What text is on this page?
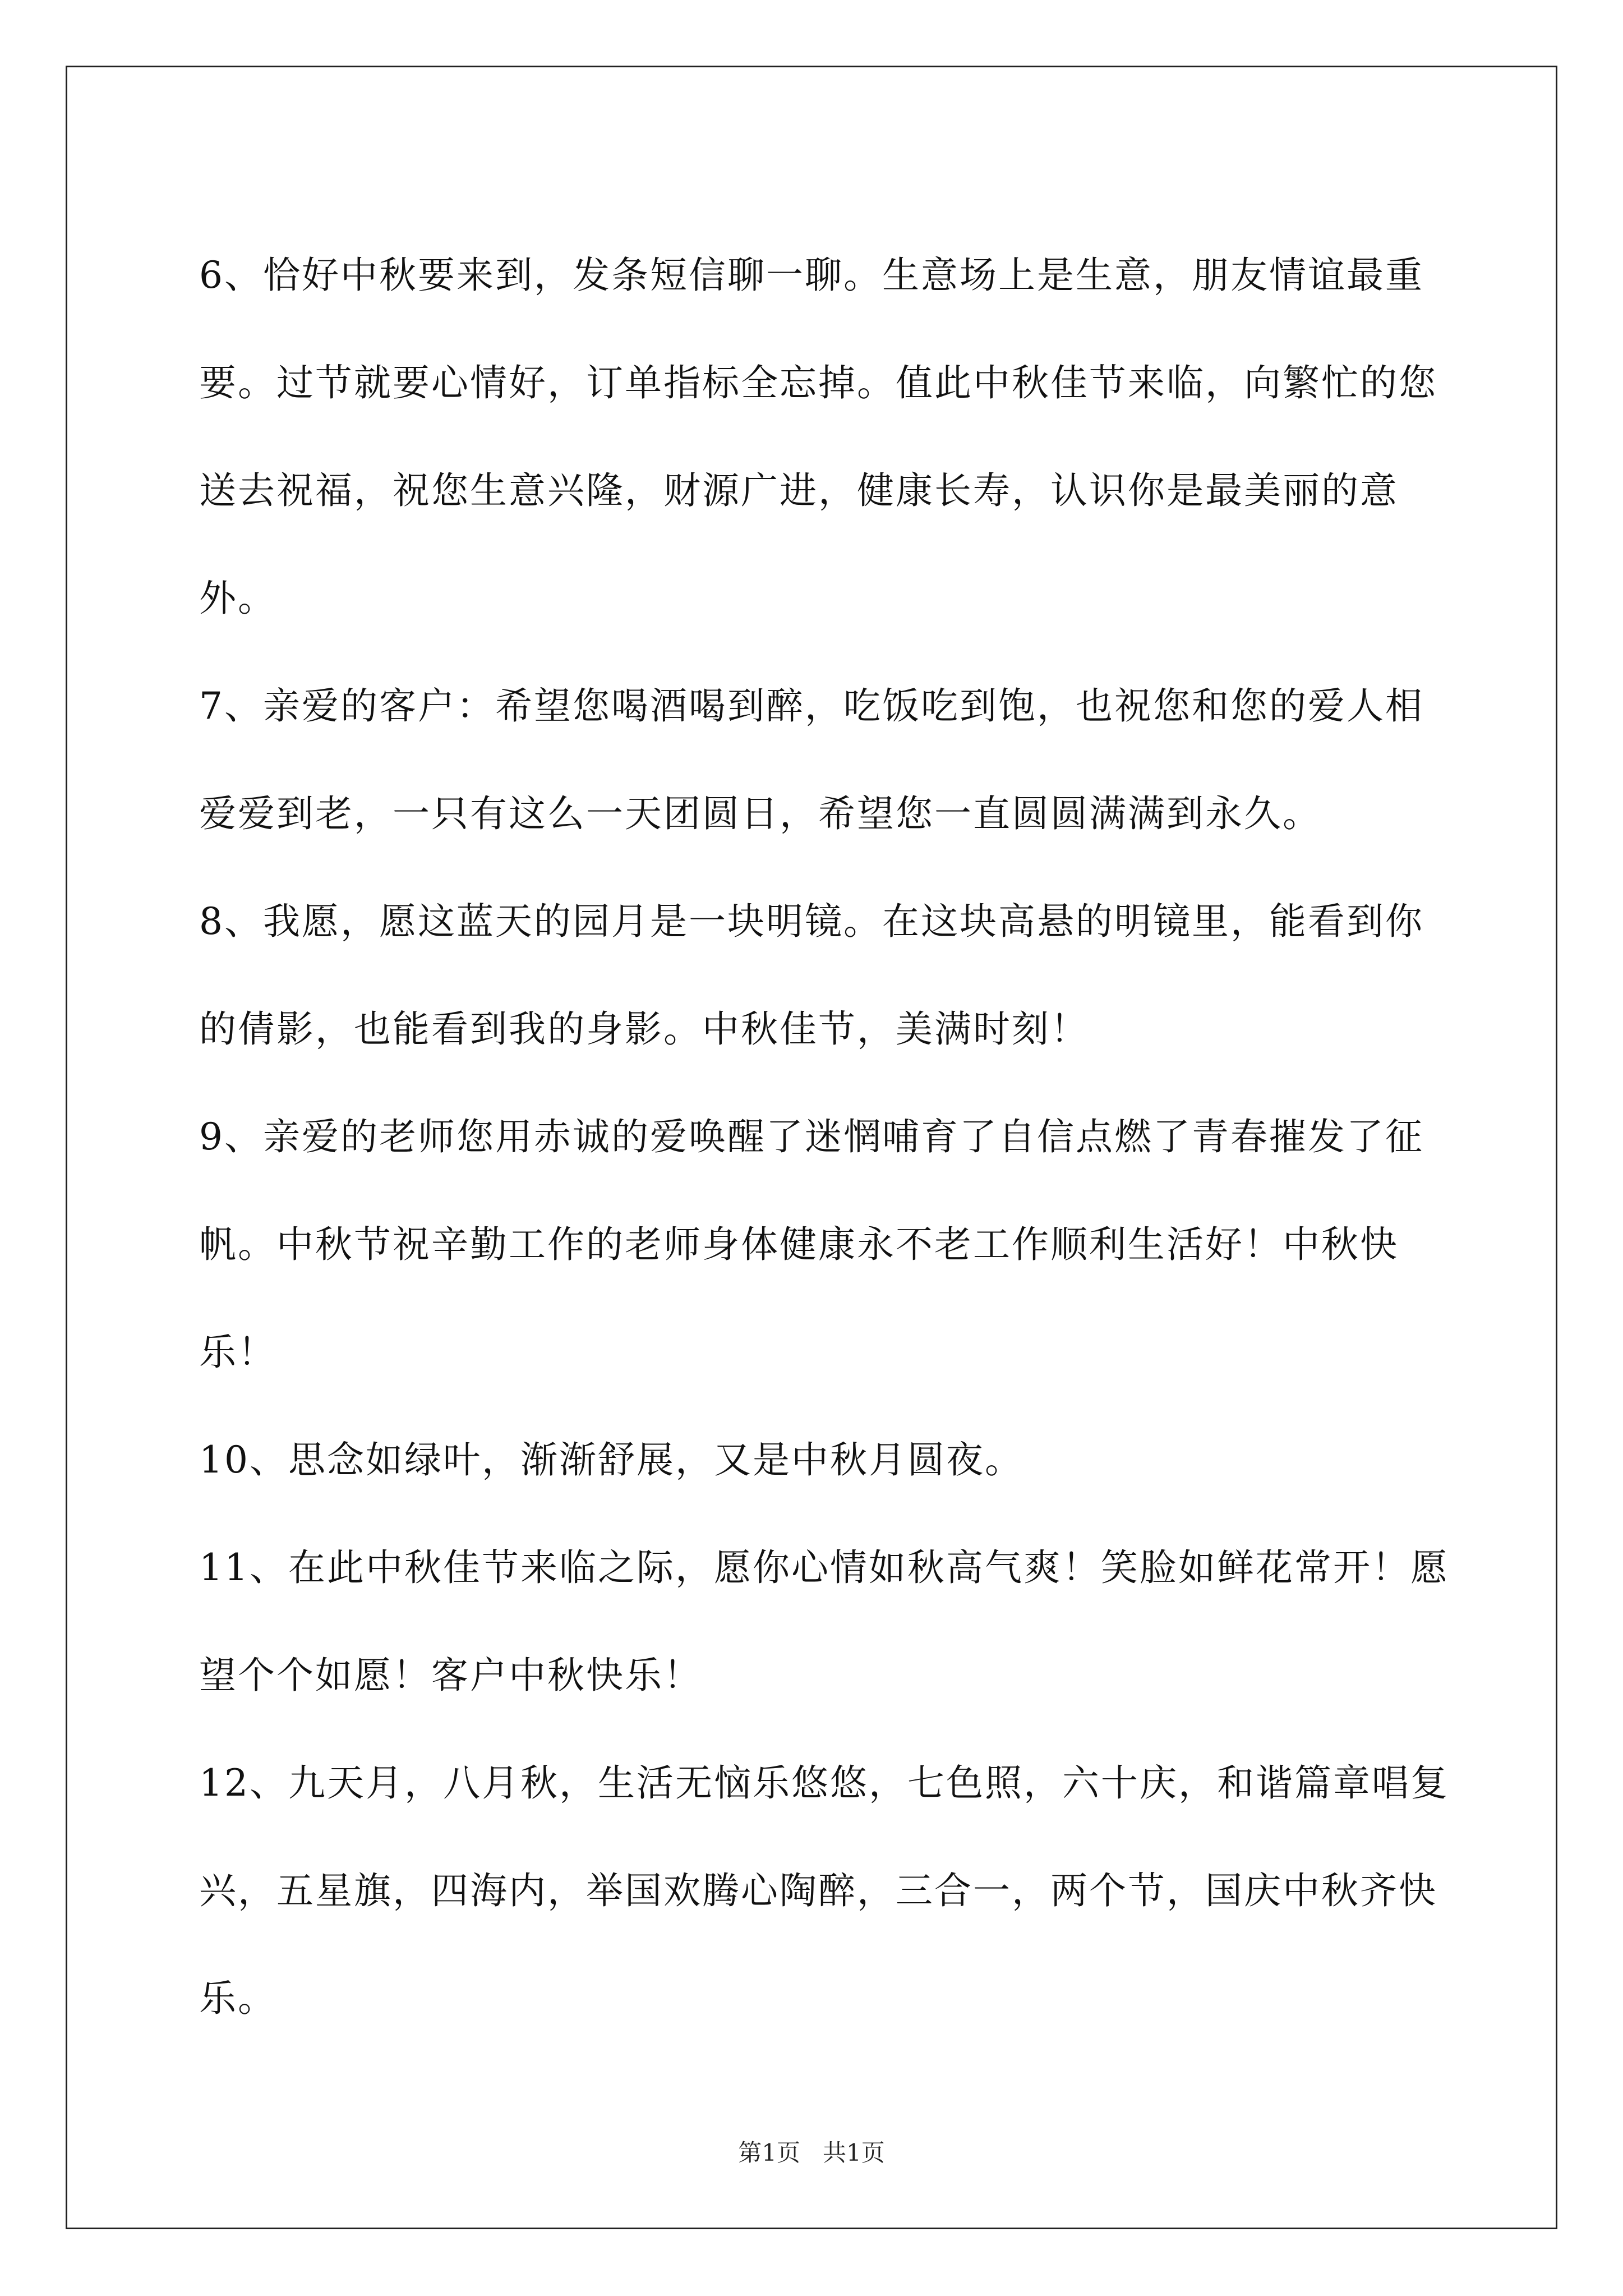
6、恰好中秋要来到，发条短信聊一聊。生意场上是生意，朋友情谊最重要。过节就要心情好，订单指标全忘掉。值此中秋佳节来临，向繁忙的您送去祝福，祝您生意兴隆，财源广进，健康长寿，认识你是最美丽的意外。

7、亲爱的客户：希望您喝酒喝到醉，吃饭吃到饱，也祝您和您的爱人相爱爱到老，一只有这么一天团圆日，希望您一直圆圆满满到永久。

8、我愿，愿这蓝天的园月是一块明镜。在这块高悬的明镜里，能看到你的倩影，也能看到我的身影。中秋佳节，美满时刻！

9、亲爱的老师您用赤诚的爱唤醒了迷惘哺育了自信点燃了青春摧发了征帆。中秋节祝辛勤工作的老师身体健康永不老工作顺利生活好！中秋快乐！

10、思念如绿叶，渐渐舒展，又是中秋月圆夜。

11、在此中秋佳节来临之际，愿你心情如秋高气爽！笑脸如鲜花常开！愿望个个如愿！客户中秋快乐！

12、九天月，八月秋，生活无恼乐悠悠，七色照，六十庆，和谐篇章唱复兴，五星旗，四海内，举国欢腾心陶醉，三合一，两个节，国庆中秋齐快乐。

第1页 共1页
